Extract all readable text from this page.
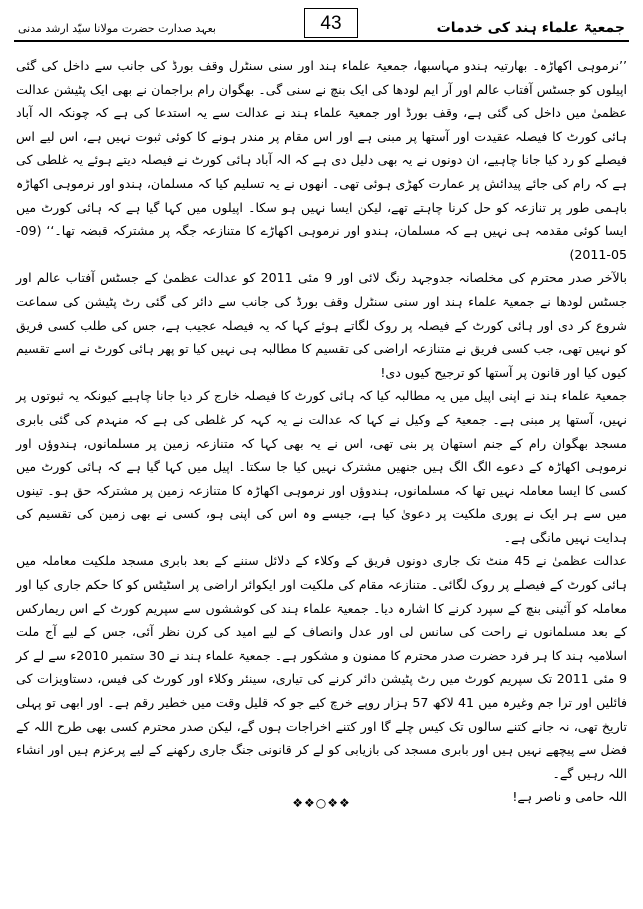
جمعیۃ علماء ہند کی خدمات
43
بعہد صدارت حضرت مولانا سیّد ارشد مدنی

’’نرموہی اکھاڑہ۔ بھارتیہ ہندو مہاسبھا، جمعیۃ علماء ہند اور سنی سنٹرل وقف بورڈ کی جانب سے داخل کی گئی اپیلوں کو جسٹس آفتاب عالم اور آر ایم لودھا کی ایک بنچ نے سنی گی۔ بھگوان رام براجمان نے بھی ایک پٹیشن عدالت عظمیٰ میں داخل کی گئی ہے، وقف بورڈ اور جمعیۃ علماء ہند نے عدالت سے یہ استدعا کی ہے کہ چونکہ الہ آباد ہائی کورٹ کا فیصلہ عقیدت اور آستھا پر مبنی ہے اور اس مقام پر مندر ہونے کا کوئی ثبوت نہیں ہے، اس لیے اس فیصلے کو رد کیا جانا چاہیے، ان دونوں نے یہ بھی دلیل دی ہے کہ الہ آباد ہائی کورٹ نے فیصلہ دیتے ہوئے یہ غلطی کی ہے کہ رام کی جائے پیدائش پر عمارت کھڑی ہوئی تھی۔ انھوں نے یہ تسلیم کیا کہ مسلمان، ہندو اور نرموہی اکھاڑہ باہمی طور پر تنازعہ کو حل کرنا چاہتے تھے، لیکن ایسا نہیں ہو سکا۔ اپیلوں میں کہا گیا ہے کہ ہائی کورٹ میں ایسا کوئی مقدمہ ہی نہیں ہے کہ مسلمان، ہندو اور نرموہی اکھاڑے کا متنازعہ جگہ پر مشترکہ قبضہ تھا۔‘‘ (09-05-2011)

بالآخر صدر محترم کی مخلصانہ جدوجہد رنگ لائی اور 9 مئی 2011 کو عدالت عظمیٰ کے جسٹس آفتاب عالم اور جسٹس لودھا نے جمعیۃ علماء ہند اور سنی سنٹرل وقف بورڈ کی جانب سے دائر کی گئی رٹ پٹیشن کی سماعت شروع کر دی اور ہائی کورٹ کے فیصلہ پر روک لگاتے ہوئے کہا کہ یہ فیصلہ عجیب ہے، جس کی طلب کسی فریق کو نہیں تھی، جب کسی فریق نے متنازعہ اراضی کی تقسیم کا مطالبہ ہی نہیں کیا تو پھر ہائی کورٹ نے اسے تقسیم کیوں کیا اور قانون پر آستھا کو ترجیح کیوں دی!

جمعیۃ علماء ہند نے اپنی اپیل میں یہ مطالبہ کیا کہ ہائی کورٹ کا فیصلہ خارج کر دیا جانا چاہیے کیونکہ یہ ثبوتوں پر نہیں، آستھا پر مبنی ہے۔ جمعیۃ کے وکیل نے کہا کہ عدالت نے یہ کہہ کر غلطی کی ہے کہ منہدم کی گئی بابری مسجد بھگوان رام کے جنم استھان پر بنی تھی، اس نے یہ بھی کہا کہ متنازعہ زمین پر مسلمانوں، ہندوؤں اور نرموہی اکھاڑہ کے دعوے الگ الگ ہیں جنھیں مشترک نہیں کیا جا سکتا۔ اپیل میں کہا گیا ہے کہ ہائی کورٹ میں کسی کا ایسا معاملہ نہیں تھا کہ مسلمانوں، ہندوؤں اور نرموہی اکھاڑہ کا متنازعہ زمین پر مشترکہ حق ہو۔ تینوں میں سے ہر ایک نے پوری ملکیت پر دعویٰ کیا ہے، جیسے وہ اس کی اپنی ہو، کسی نے بھی زمین کی تقسیم کی ہدایت نہیں مانگی ہے۔

عدالت عظمیٰ نے 45 منٹ تک جاری دونوں فریق کے وکلاء کے دلائل سننے کے بعد بابری مسجد ملکیت معاملہ میں ہائی کورٹ کے فیصلے پر روک لگائی۔ متنازعہ مقام کی ملکیت اور ایکوائر اراضی پر اسٹیٹس کو کا حکم جاری کیا اور معاملہ کو آئینی بنچ کے سپرد کرنے کا اشارہ دیا۔ جمعیۃ علماء ہند کی کوششوں سے سپریم کورٹ کے اس ریمارکس کے بعد مسلمانوں نے راحت کی سانس لی اور عدل وانصاف کے لیے امید کی کرن نظر آئی، جس کے لیے آج ملت اسلامیہ ہند کا ہر فرد حضرت صدر محترم کا ممنون و مشکور ہے۔ جمعیۃ علماء ہند نے 30 ستمبر 2010ء سے لے کر 9 مئی 2011 تک سپریم کورٹ میں رٹ پٹیشن دائر کرنے کی تیاری، سینئر وکلاء اور کورٹ کی فیس، دستاویزات کی فائلیں اور ترا جم وغیرہ میں 41 لاکھ 57 ہزار روپے خرچ کیے جو کہ قلیل وقت میں خطیر رقم ہے۔ اور ابھی تو پہلی تاریخ تھی، نہ جانے کتنے سالوں تک کیس چلے گا اور کتنے اخراجات ہوں گے، لیکن صدر محترم کسی بھی طرح اللہ کے فضل سے پیچھے نہیں ہیں اور بابری مسجد کی بازیابی کو لے کر قانونی جنگ جاری رکھنے کے لیے پرعزم ہیں اور انشاء اللہ رہیں گے۔

اللہ حامی و ناصر ہے!

❖❖○❖❖
